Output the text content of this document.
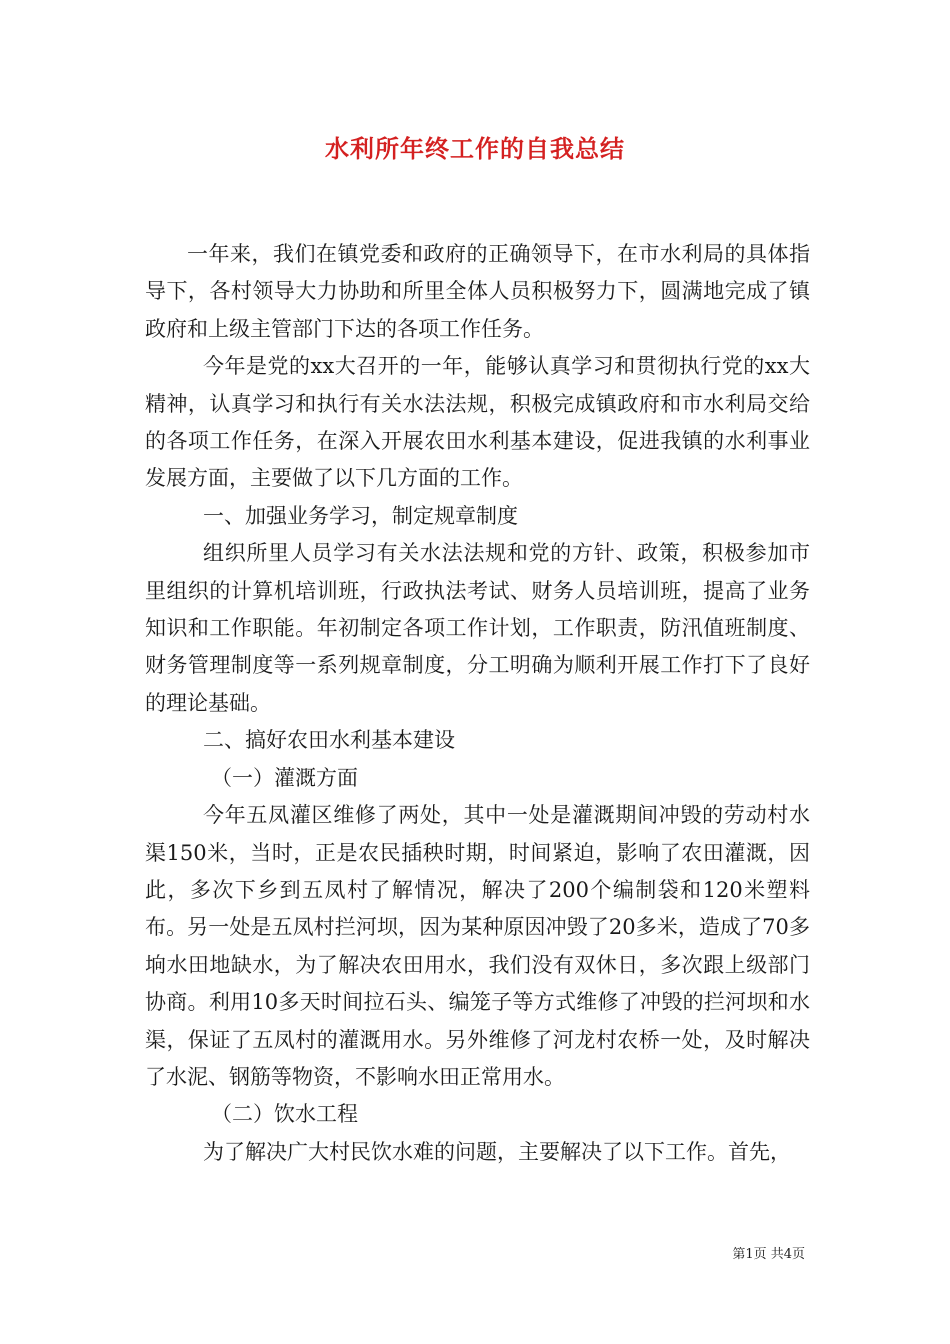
水利所年终工作的自我总结

一年来，我们在镇党委和政府的正确领导下，在市水利局的具体指导下，各村领导大力协助和所里全体人员积极努力下，圆满地完成了镇政府和上级主管部门下达的各项工作任务。

今年是党的xx大召开的一年，能够认真学习和贯彻执行党的xx大精神，认真学习和执行有关水法法规，积极完成镇政府和市水利局交给的各项工作任务，在深入开展农田水利基本建设，促进我镇的水利事业发展方面，主要做了以下几方面的工作。

一、加强业务学习，制定规章制度

组织所里人员学习有关水法法规和党的方针、政策，积极参加市里组织的计算机培训班，行政执法考试、财务人员培训班，提高了业务知识和工作职能。年初制定各项工作计划，工作职责，防汛值班制度、财务管理制度等一系列规章制度，分工明确为顺利开展工作打下了良好的理论基础。

二、搞好农田水利基本建设

（一）灌溉方面

今年五凤灌区维修了两处，其中一处是灌溉期间冲毁的劳动村水渠150米，当时，正是农民插秧时期，时间紧迫，影响了农田灌溉，因此，多次下乡到五凤村了解情况，解决了200个编制袋和120米塑料布。另一处是五凤村拦河坝，因为某种原因冲毁了20多米，造成了70多垧水田地缺水，为了解决农田用水，我们没有双休日，多次跟上级部门协商。利用10多天时间拉石头、编笼子等方式维修了冲毁的拦河坝和水渠，保证了五凤村的灌溉用水。另外维修了河龙村农桥一处，及时解决了水泥、钢筋等物资，不影响水田正常用水。

（二）饮水工程

为了解决广大村民饮水难的问题，主要解决了以下工作。首先，

第1页 共4页
